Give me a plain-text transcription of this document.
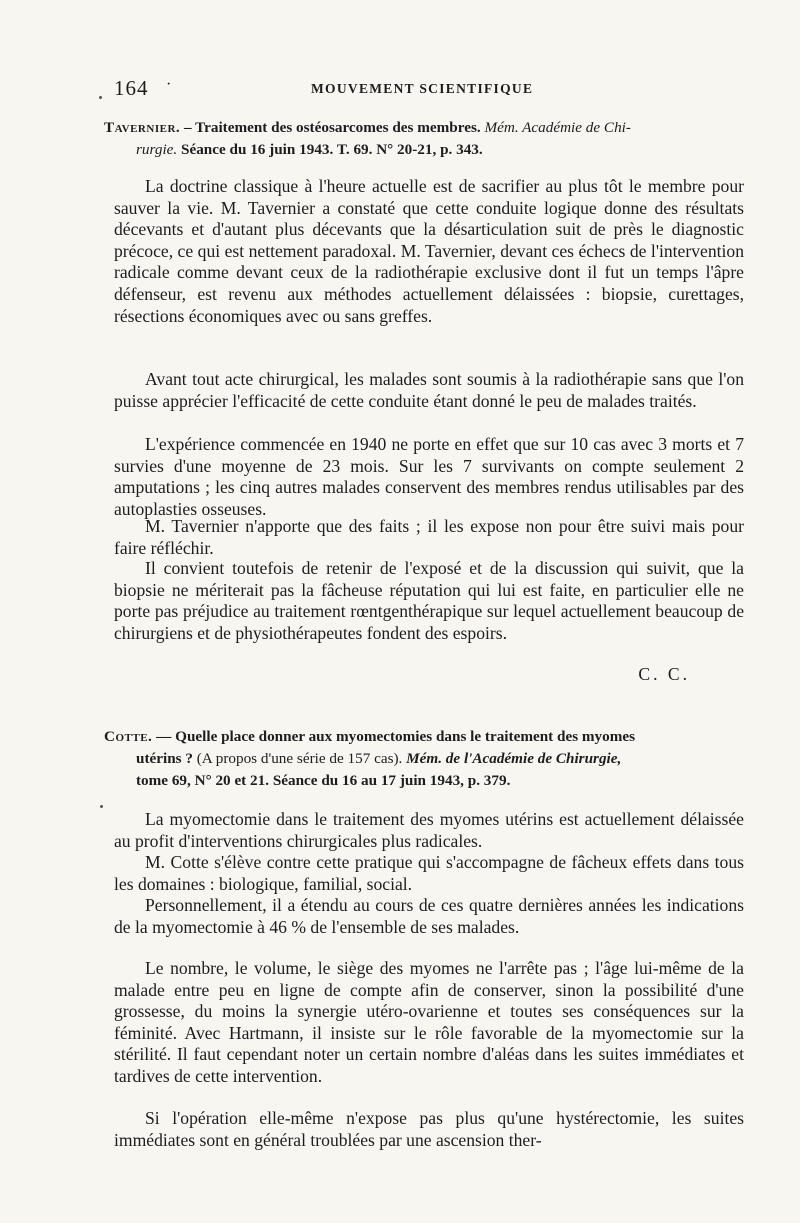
164 ·	MOUVEMENT SCIENTIFIQUE
Tavernier. – Traitement des ostéosarcomes des membres. Mém. Académie de Chi-
rurgie. Séance du 16 juin 1943. T. 69. N° 20-21, p. 343.

La doctrine classique à l'heure actuelle est de sacrifier au plus tôt le membre pour sauver la vie. M. Tavernier a constaté que cette conduite logique donne des résultats décevants et d'autant plus décevants que la désarticulation suit de près le diagnostic précoce, ce qui est nettement paradoxal. M. Tavernier, devant ces échecs de l'intervention radicale comme devant ceux de la radiothérapie exclusive dont il fut un temps l'âpre défenseur, est revenu aux méthodes actuellement délaissées : biopsie, curettages, résections économiques avec ou sans greffes.

Avant tout acte chirurgical, les malades sont soumis à la radiothérapie sans que l'on puisse apprécier l'efficacité de cette conduite étant donné le peu de malades traités.

L'expérience commencée en 1940 ne porte en effet que sur 10 cas avec 3 morts et 7 survies d'une moyenne de 23 mois. Sur les 7 survivants on compte seulement 2 amputations ; les cinq autres malades conservent des membres rendus utilisables par des autoplasties osseuses.

M. Tavernier n'apporte que des faits ; il les expose non pour être suivi mais pour faire réfléchir.

Il convient toutefois de retenir de l'exposé et de la discussion qui suivit, que la biopsie ne mériterait pas la fâcheuse réputation qui lui est faite, en particulier elle ne porte pas préjudice au traitement rœntgenthérapique sur lequel actuellement beaucoup de chirurgiens et de physiothérapeutes fondent des espoirs.

C. C.
Cotte. — Quelle place donner aux myomectomies dans le traitement des myomes
utérins ? (A propos d'une série de 157 cas). Mém. de l'Académie de Chirurgie,
tome 69, N° 20 et 21. Séance du 16 au 17 juin 1943, p. 379.

La myomectomie dans le traitement des myomes utérins est actuellement délaissée au profit d'interventions chirurgicales plus radicales.

M. Cotte s'élève contre cette pratique qui s'accompagne de fâcheux effets dans tous les domaines : biologique, familial, social.

Personnellement, il a étendu au cours de ces quatre dernières années les indications de la myomectomie à 46 % de l'ensemble de ses malades.

Le nombre, le volume, le siège des myomes ne l'arrête pas ; l'âge lui-même de la malade entre peu en ligne de compte afin de conserver, sinon la possibilité d'une grossesse, du moins la synergie utéro-ovarienne et toutes ses conséquences sur la féminité. Avec Hartmann, il insiste sur le rôle favorable de la myomectomie sur la stérilité. Il faut cependant noter un certain nombre d'aléas dans les suites immédiates et tardives de cette intervention.

Si l'opération elle-même n'expose pas plus qu'une hystérectomie, les suites immédiates sont en général troublées par une ascension ther-
